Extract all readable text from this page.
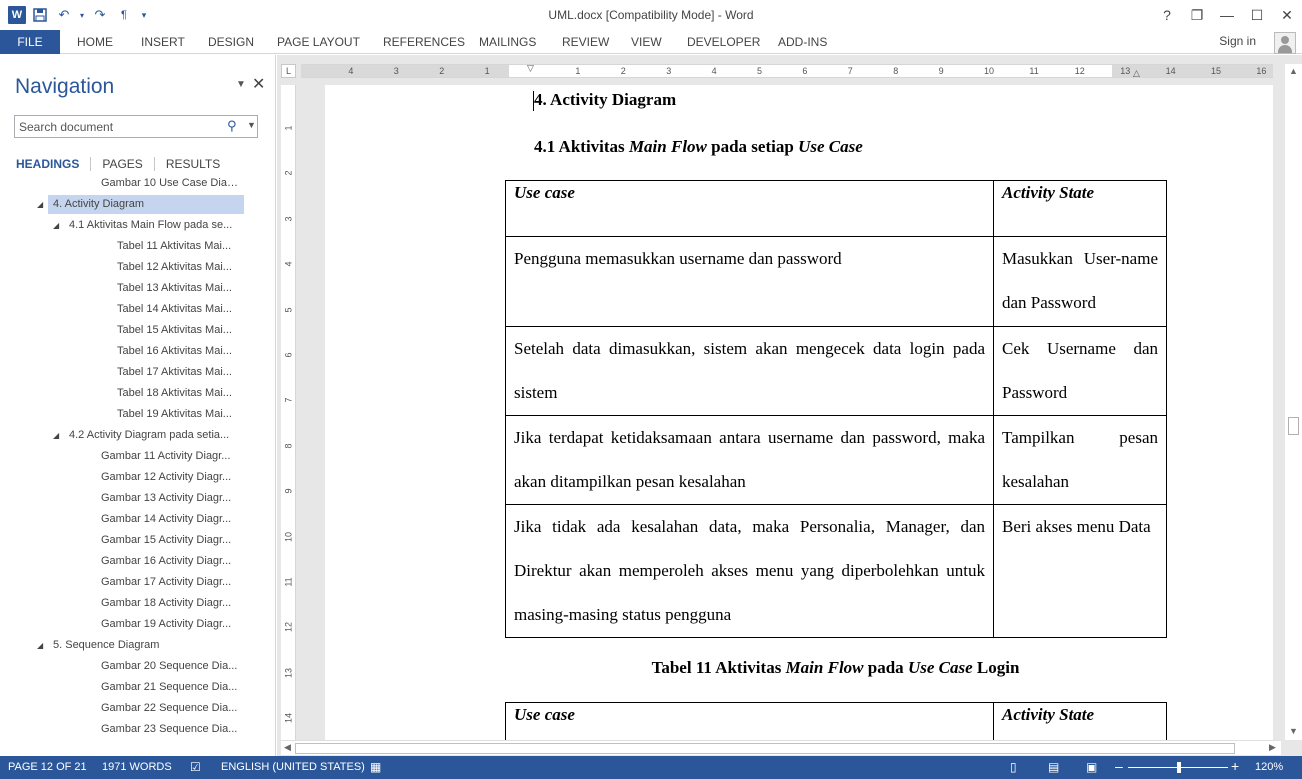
W	↶	▾ ↷	¶	▾	UML.docx [Compatibility Mode] - Word	?	❐	—	☐	✕
FILE	HOME INSERT DESIGN PAGE LAYOUT REFERENCES MAILINGS REVIEW VIEW DEVELOPER ADD-INS	Sign in
Navigation	▼ ✕
Search document
⚲ ▼
HEADINGS	PAGES	RESULTS
Gambar 10 Use Case Diag...
◢ 4. Activity Diagram
◢ 4.1 Aktivitas Main Flow pada se...
Tabel 11 Aktivitas Mai...
Tabel 12 Aktivitas Mai...
Tabel 13 Aktivitas Mai...
Tabel 14 Aktivitas Mai...
Tabel 15 Aktivitas Mai...
Tabel 16 Aktivitas Mai...
Tabel 17 Aktivitas Mai...
Tabel 18 Aktivitas Mai...
Tabel 19 Aktivitas Mai...
◢ 4.2 Activity Diagram pada setia...
Gambar 11 Activity Diagr...
Gambar 12 Activity Diagr...
Gambar 13 Activity Diagr...
Gambar 14 Activity Diagr...
Gambar 15 Activity Diagr...
Gambar 16 Activity Diagr...
Gambar 17 Activity Diagr...
Gambar 18 Activity Diagr...
Gambar 19 Activity Diagr...
◢ 5. Sequence Diagram
Gambar 20 Sequence Dia...
Gambar 21 Sequence Dia...
Gambar 22 Sequence Dia...
Gambar 23 Sequence Dia...
L	4	3	2	1	1	2	3	4	5	6	7	8	9	10	11	12	13	14	15	16
▽	△
1
2
3
4
5
6
7
8
9
10
11
12
13
14
4. Activity Diagram
4.1 Aktivitas Main Flow pada setiap Use Case
Use case	Activity State
Pengguna memasukkan username dan password	Masukkan User-name dan Password
Setelah data dimasukkan, sistem akan mengecek data login pada sistem	Cek Username dan Password
Jika terdapat ketidaksamaan antara username dan password, maka akan ditampilkan pesan kesalahan	Tampilkan pesan kesalahan
Jika tidak ada kesalahan data, maka Personalia, Manager, dan Direktur akan memperoleh akses menu yang diperbolehkan untuk masing-masing status pengguna	Beri akses menu Data
Tabel 11 Aktivitas Main Flow pada Use Case Login
Use case	Activity State
▲
▼
◀	▶
PAGE 12 OF 21 1971 WORDS ☑ ENGLISH (UNITED STATES) ▦	▯	▤ ▣ –	+ 120%
